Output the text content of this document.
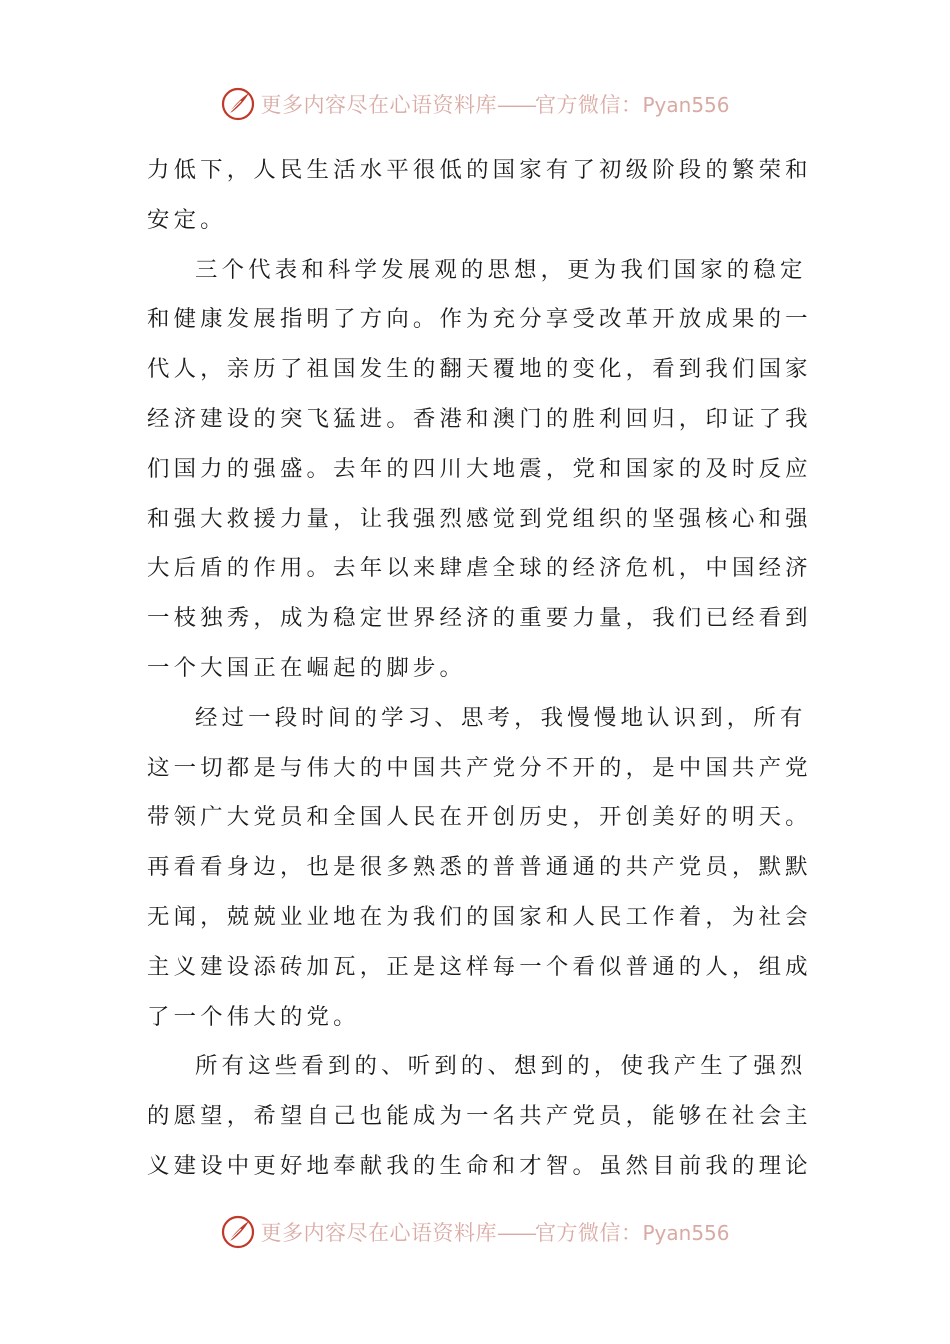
更多内容尽在心语资料库——官方微信：Pyan556
力低下，人民生活水平很低的国家有了初级阶段的繁荣和
安定。
三个代表和科学发展观的思想，更为我们国家的稳定
和健康发展指明了方向。作为充分享受改革开放成果的一
代人，亲历了祖国发生的翻天覆地的变化，看到我们国家
经济建设的突飞猛进。香港和澳门的胜利回归，印证了我
们国力的强盛。去年的四川大地震，党和国家的及时反应
和强大救援力量，让我强烈感觉到党组织的坚强核心和强
大后盾的作用。去年以来肆虐全球的经济危机，中国经济
一枝独秀，成为稳定世界经济的重要力量，我们已经看到
一个大国正在崛起的脚步。
经过一段时间的学习、思考，我慢慢地认识到，所有
这一切都是与伟大的中国共产党分不开的，是中国共产党
带领广大党员和全国人民在开创历史，开创美好的明天。
再看看身边，也是很多熟悉的普普通通的共产党员，默默
无闻，兢兢业业地在为我们的国家和人民工作着，为社会
主义建设添砖加瓦，正是这样每一个看似普通的人，组成
了一个伟大的党。
所有这些看到的、听到的、想到的，使我产生了强烈
的愿望，希望自己也能成为一名共产党员，能够在社会主
义建设中更好地奉献我的生命和才智。虽然目前我的理论
更多内容尽在心语资料库——官方微信：Pyan556
